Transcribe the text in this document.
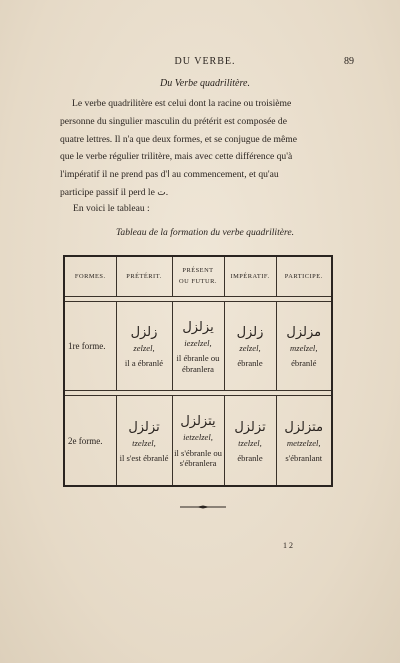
DU VERBE.	89
Du Verbe quadrilitère.
Le verbe quadrilitère est celui dont la racine ou troisième
personne du singulier masculin du prétérit est composée de
quatre lettres. Il n'a que deux formes, et se conjugue de même
que le verbe régulier trilitère, mais avec cette différence qu'à
l'impératif il ne prend pas d'ا au commencement, et qu'au
participe passif il perd le ت.
En voici le tableau :
Tableau de la formation du verbe quadrilitère.
FORMES.	PRÉTÉRIT.	PRÉSENT
OU FUTUR.	IMPÉRATIF.	PARTICIPE.

1re forme.	زلزل
zelzel,
il a ébranlé	يزلزل
iezelzel,
il ébranle ou ébranlera	زلزل
zelzel,
ébranle	مزلزل
mzelzel,
ébranlé

2e forme.	تزلزل
tzelzel,
il s'est ébranlé	يتزلزل
ietzelzel,
il s'ébranle ou s'ébranlera	تزلزل
tzelzel,
ébranle	متزلزل
metzelzel,
s'ébranlant
12
